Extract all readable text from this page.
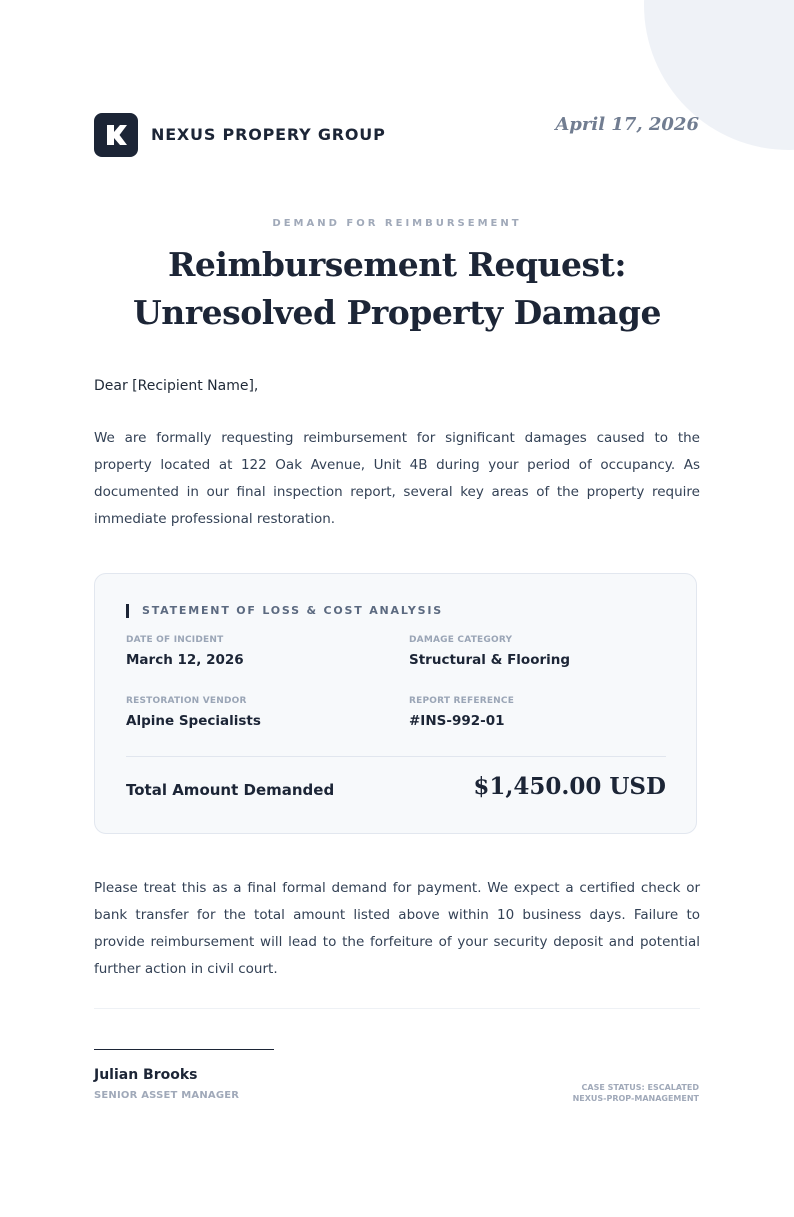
NEXUS PROPERY GROUP	April 17, 2026
DEMAND FOR REIMBURSEMENT
Reimbursement Request:
Unresolved Property Damage
Dear [Recipient Name],
We are formally requesting reimbursement for significant damages caused to the property located at 122 Oak Avenue, Unit 4B during your period of occupancy. As documented in our final inspection report, several key areas of the property require immediate professional restoration.
STATEMENT OF LOSS & COST ANALYSIS
DATE OF INCIDENT
March 12, 2026
DAMAGE CATEGORY
Structural & Flooring
RESTORATION VENDOR
Alpine Specialists
REPORT REFERENCE
#INS-992-01
Total Amount Demanded	$1,450.00 USD
Please treat this as a final formal demand for payment. We expect a certified check or bank transfer for the total amount listed above within 10 business days. Failure to provide reimbursement will lead to the forfeiture of your security deposit and potential further action in civil court.
Julian Brooks
SENIOR ASSET MANAGER
CASE STATUS: ESCALATED
NEXUS-PROP-MANAGEMENT
